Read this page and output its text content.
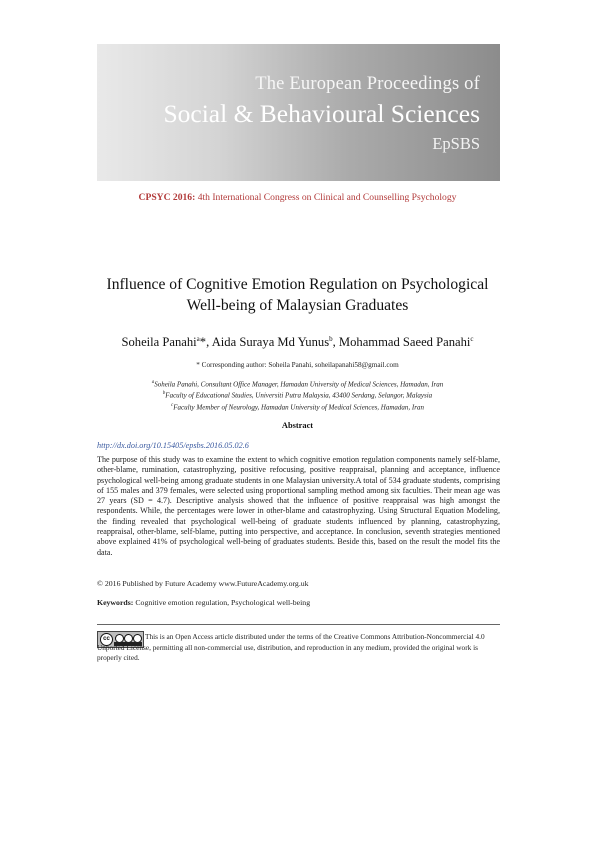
The European Proceedings of
Social & Behavioural Sciences
EpSBS
CPSYC 2016: 4th International Congress on Clinical and Counselling Psychology
Influence of Cognitive Emotion Regulation on Psychological
Well-being of Malaysian Graduates
Soheila Panahi$^a$*, Aida Suraya Md Yunus$^b$, Mohammad Saeed Panahi$^c$
* Corresponding author: Soheila Panahi, soheilapanahi58@gmail.com
$^a$Soheila Panahi, Consultant Office Manager, Hamadan University of Medical Sciences, Hamadan, Iran
$^b$Faculty of Educational Studies, Universiti Putra Malaysia, 43400 Serdang, Selangor, Malaysia
$^c$Faculty Member of Neurology, Hamadan University of Medical Sciences, Hamadan, Iran
Abstract
http://dx.doi.org/10.15405/epsbs.2016.05.02.6
The purpose of this study was to examine the extent to which cognitive emotion regulation components namely self-blame, other-blame, rumination, catastrophyzing, positive refocusing, positive reappraisal, planning and acceptance, influence psychological well-being among graduate students in one Malaysian university.A total of 534 graduate students, comprising of 155 males and 379 females, were selected using proportional sampling method among six faculties. Their mean age was 27 years (SD = 4.7). Descriptive analysis showed that the influence of positive reappraisal was high amongst the respondents. While, the percentages were lower in other-blame and catastrophyzing. Using Structural Equation Modeling, the finding revealed that psychological well-being of graduate students influenced by planning, catastrophyzing, reappraisal, other-blame, self-blame, putting into perspective, and acceptance. In conclusion, seventh strategies mentioned above explained 41% of psychological well-being of graduates students. Beside this, based on the result the model fits the data.
© 2016 Published by Future Academy www.FutureAcademy.org.uk
Keywords: Cognitive emotion regulation, Psychological well-being
cc	This is an Open Access article distributed under the terms of the Creative Commons Attribution-Noncommercial 4.0 Unported License, permitting all non-commercial use, distribution, and reproduction in any medium, provided the original work is properly cited.
